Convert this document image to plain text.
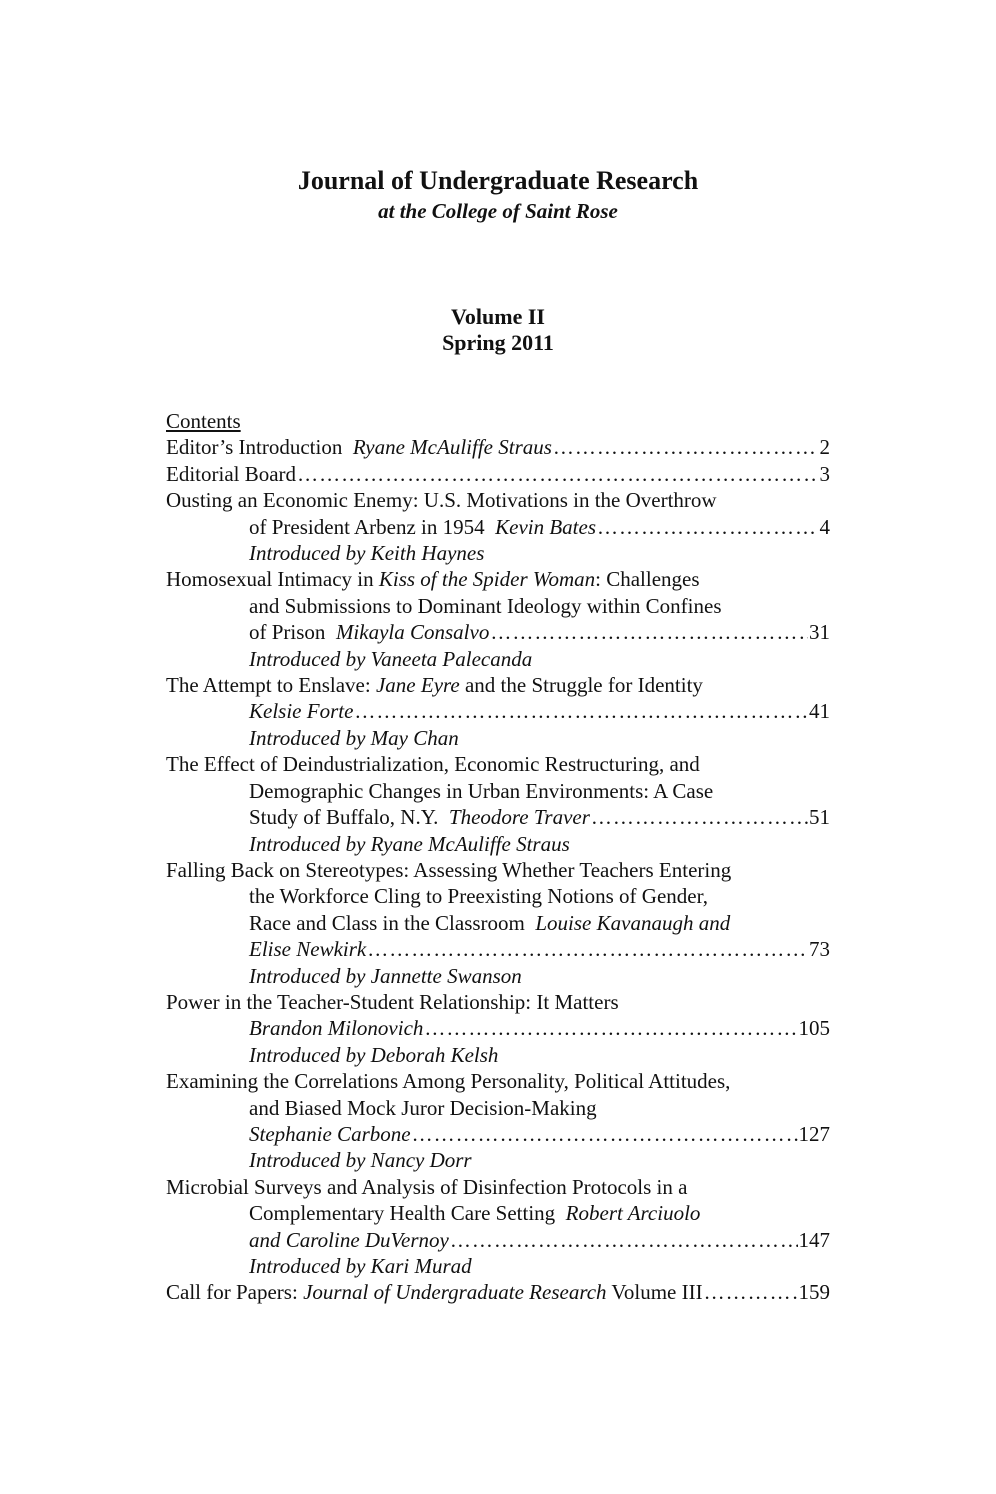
Journal of Undergraduate Research
at the College of Saint Rose
Volume II
Spring 2011
Contents
Editor’s Introduction Ryane McAuliffe Straus ……………………………………………………………………………………………………………………………………………………………	2
Editorial Board ……………………………………………………………………………………………………………………………………………………………	3
Ousting an Economic Enemy: U.S. Motivations in the Overthrow
of President Arbenz in 1954 Kevin Bates ……………………………………………………………………………………………………………………………………………………………	4
Introduced by Keith Haynes
Homosexual Intimacy in Kiss of the Spider Woman: Challenges
and Submissions to Dominant Ideology within Confines
of Prison Mikayla Consalvo ……………………………………………………………………………………………………………………………………………………………	31
Introduced by Vaneeta Palecanda
The Attempt to Enslave: Jane Eyre and the Struggle for Identity
Kelsie Forte ……………………………………………………………………………………………………………………………………………………………	41
Introduced by May Chan
The Effect of Deindustrialization, Economic Restructuring, and
Demographic Changes in Urban Environments: A Case
Study of Buffalo, N.Y. Theodore Traver ……………………………………………………………………………………………………………………………………………………………	51
Introduced by Ryane McAuliffe Straus
Falling Back on Stereotypes: Assessing Whether Teachers Entering
the Workforce Cling to Preexisting Notions of Gender,
Race and Class in the Classroom Louise Kavanaugh and
Elise Newkirk ……………………………………………………………………………………………………………………………………………………………	73
Introduced by Jannette Swanson
Power in the Teacher-Student Relationship: It Matters
Brandon Milonovich ……………………………………………………………………………………………………………………………………………………………	105
Introduced by Deborah Kelsh
Examining the Correlations Among Personality, Political Attitudes,
and Biased Mock Juror Decision-Making
Stephanie Carbone ……………………………………………………………………………………………………………………………………………………………	127
Introduced by Nancy Dorr
Microbial Surveys and Analysis of Disinfection Protocols in a
Complementary Health Care Setting Robert Arciuolo
and Caroline DuVernoy ……………………………………………………………………………………………………………………………………………………………	147
Introduced by Kari Murad
Call for Papers: Journal of Undergraduate Research Volume III ……………………………………………………………………………………………………………………………………………………………	159
